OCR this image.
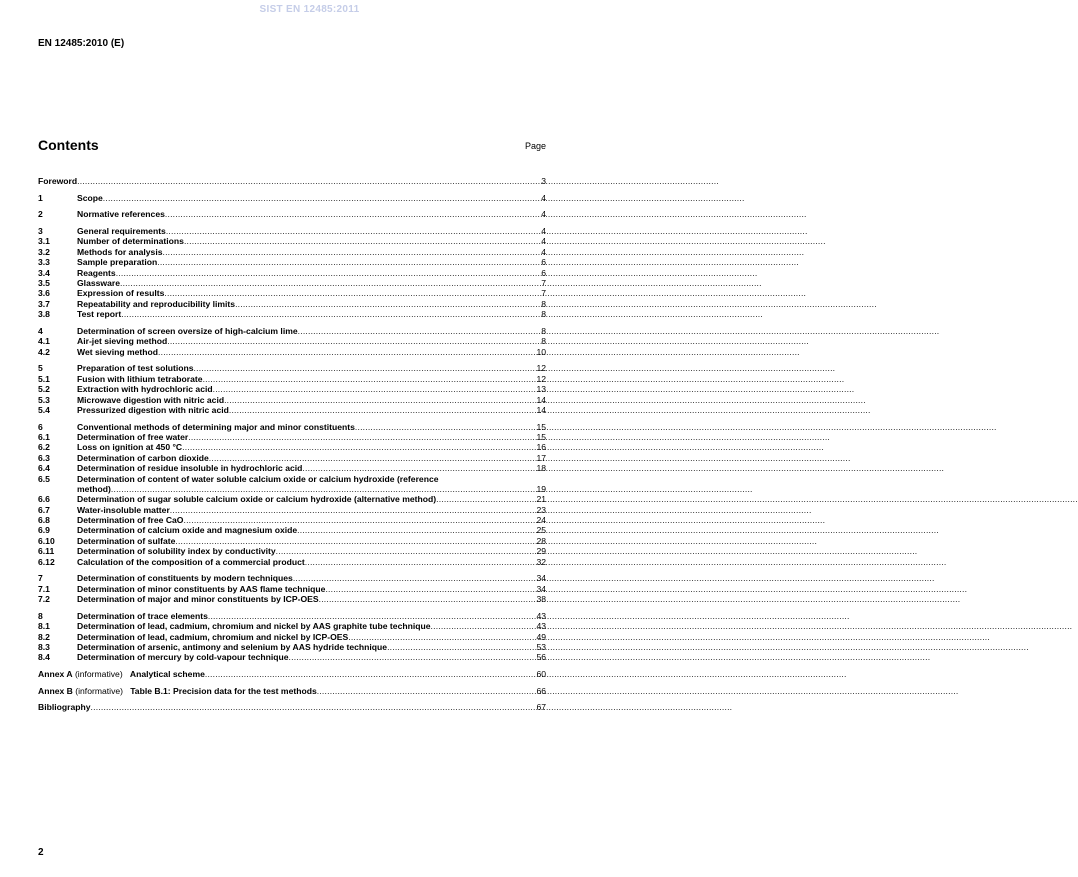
SIST EN 12485:2011
EN 12485:2010 (E)
Contents	Page
Foreword .....	3
1	Scope .....	4
2	Normative references .....	4
3	General requirements .....	4
3.1	Number of determinations .....	4
3.2	Methods for analysis .....	4
3.3	Sample preparation .....	6
3.4	Reagents .....	6
3.5	Glassware .....	7
3.6	Expression of results .....	7
3.7	Repeatability and reproducibility limits .....	8
3.8	Test report .....	8
4	Determination of screen oversize of high-calcium lime .....	8
4.1	Air-jet sieving method .....	8
4.2	Wet sieving method .....	10
5	Preparation of test solutions .....	12
5.1	Fusion with lithium tetraborate .....	12
5.2	Extraction with hydrochloric acid .....	13
5.3	Microwave digestion with nitric acid .....	14
5.4	Pressurized digestion with nitric acid .....	14
6	Conventional methods of determining major and minor constituents .....	15
6.1	Determination of free water .....	15
6.2	Loss on ignition at 450 °C .....	16
6.3	Determination of carbon dioxide .....	17
6.4	Determination of residue insoluble in hydrochloric acid .....	18
6.5	Determination of content of water soluble calcium oxide or calcium hydroxide (reference
method) .....	19
6.6	Determination of sugar soluble calcium oxide or calcium hydroxide (alternative method) .....	21
6.7	Water-insoluble matter .....	23
6.8	Determination of free CaO .....	24
6.9	Determination of calcium oxide and magnesium oxide .....	25
6.10	Determination of sulfate .....	28
6.11	Determination of solubility index by conductivity .....	29
6.12	Calculation of the composition of a commercial product .....	32
7	Determination of constituents by modern techniques .....	34
7.1	Determination of minor constituents by AAS flame technique .....	34
7.2	Determination of major and minor constituents by ICP-OES .....	38
8	Determination of trace elements .....	43
8.1	Determination of lead, cadmium, chromium and nickel by AAS graphite tube technique .....	43
8.2	Determination of lead, cadmium, chromium and nickel by ICP-OES .....	49
8.3	Determination of arsenic, antimony and selenium by AAS hydride technique .....	53
8.4	Determination of mercury by cold-vapour technique .....	56
Annex A (informative) Analytical scheme .....	60
Annex B (informative) Table B.1: Precision data for the test methods .....	66
Bibliography .....	67
2
